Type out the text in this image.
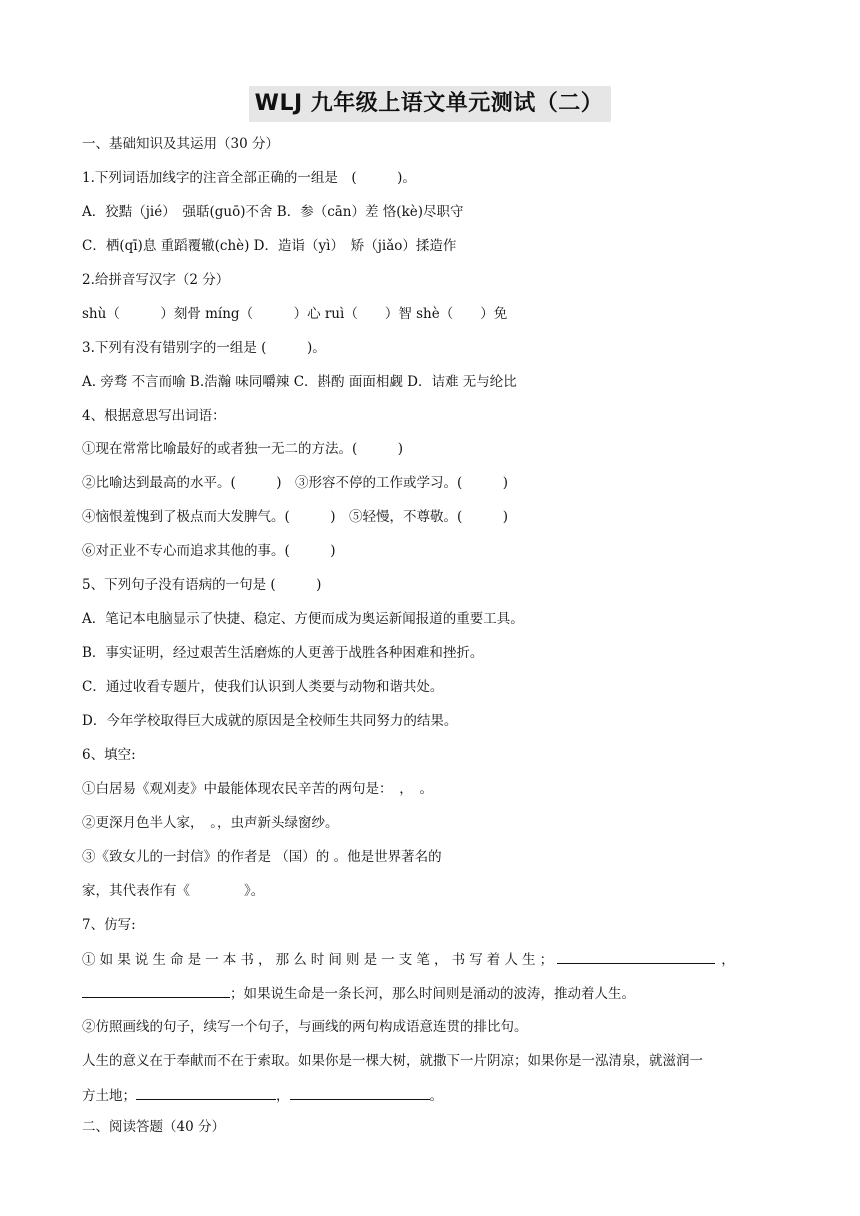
WLJ 九年级上语文单元测试（二）
一、基础知识及其运用（30 分）
1.下列词语加线字的注音全部正确的一组是　(　　　)。
A．狡黠（jié）　强聒(guō)不舍 B．参（cān）差 恪(kè)尽职守
C．栖(qī)息 重蹈覆辙(chè) D．造诣（yì）　矫（jiǎo）揉造作
2.给拼音写汉字（2 分）
shù（　　　）刻骨 míng（　　　）心 ruì（　　）智 shè（　　）免
3.下列有没有错别字的一组是 (　　　)。
A. 旁骛 不言而喻 B.浩瀚 味同嚼辣 C．斟酌 面面相觑 D．诘难 无与纶比
4、根据意思写出词语：
①现在常常比喻最好的或者独一无二的方法。(　　　)
②比喻达到最高的水平。(　　　)　③形容不停的工作或学习。(　　　)
④恼恨羞愧到了极点而大发脾气。(　　　)　⑤轻慢，不尊敬。(　　　)
⑥对正业不专心而追求其他的事。(　　　)
5、下列句子没有语病的一句是 (　　　)
A．笔记本电脑显示了快捷、稳定、方便而成为奥运新闻报道的重要工具。
B．事实证明，经过艰苦生活磨炼的人更善于战胜各种困难和挫折。
C．通过收看专题片，使我们认识到人类要与动物和谐共处。
D．今年学校取得巨大成就的原因是全校师生共同努力的结果。
6、填空:
①白居易《观刈麦》中最能体现农民辛苦的两句是：　，　。
②更深月色半人家，　。，虫声新头绿窗纱。
③《致女儿的一封信》的作者是 （国）的 。他是世界著名的
家，其代表作有《　　　　》。
7、仿写:
①如果说生命是一本书，那么时间则是一支笔，书写着人生；	，
；如果说生命是一条长河，那么时间则是涌动的波涛，推动着人生。
②仿照画线的句子，续写一个句子，与画线的两句构成语意连贯的排比句。
人生的意义在于奉献而不在于索取。如果你是一棵大树，就撒下一片阴凉；如果你是一泓清泉，就滋润一
方土地；	，	。
二、阅读答题（40 分）
